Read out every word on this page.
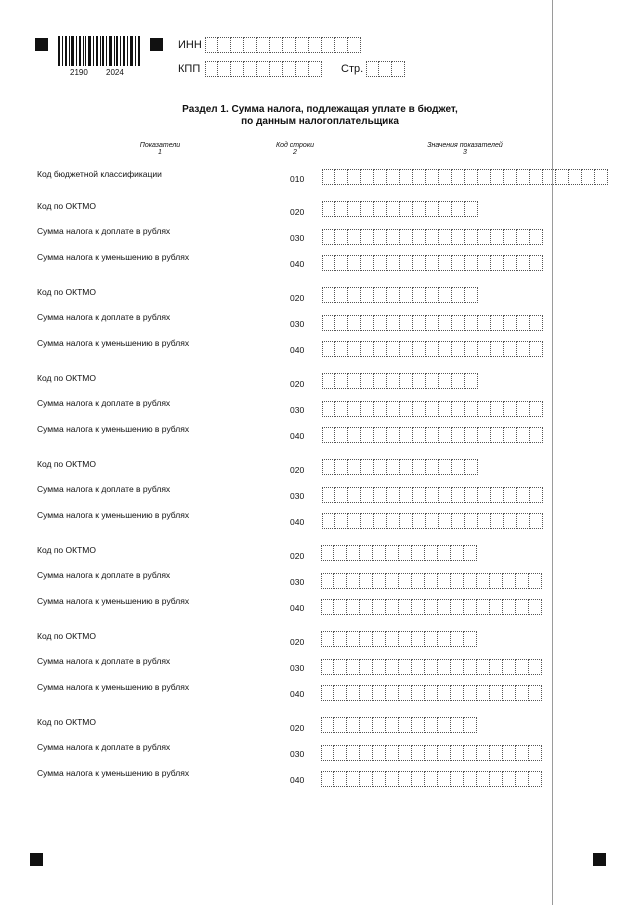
2190 2024
ИНН
КПП	Стр.
Раздел 1. Сумма налога, подлежащая уплате в бюджет,
по данным налогоплательщика
Показатели
1
Код строки
2
Значения показателей
3
Код бюджетной классификации	010
Код по ОКТМО
020
Сумма налога к доплате в рублях
030
Сумма налога к уменьшению в рублях
040
Код по ОКТМО
020
Сумма налога к доплате в рублях
030
Сумма налога к уменьшению в рублях
040
Код по ОКТМО
020
Сумма налога к доплате в рублях
030
Сумма налога к уменьшению в рублях
040
Код по ОКТМО
020
Сумма налога к доплате в рублях
030
Сумма налога к уменьшению в рублях
040
Код по ОКТМО
020
Сумма налога к доплате в рублях
030
Сумма налога к уменьшению в рублях
040
Код по ОКТМО
020
Сумма налога к доплате в рублях
030
Сумма налога к уменьшению в рублях
040
Код по ОКТМО
020
Сумма налога к доплате в рублях
030
Сумма налога к уменьшению в рублях
040
